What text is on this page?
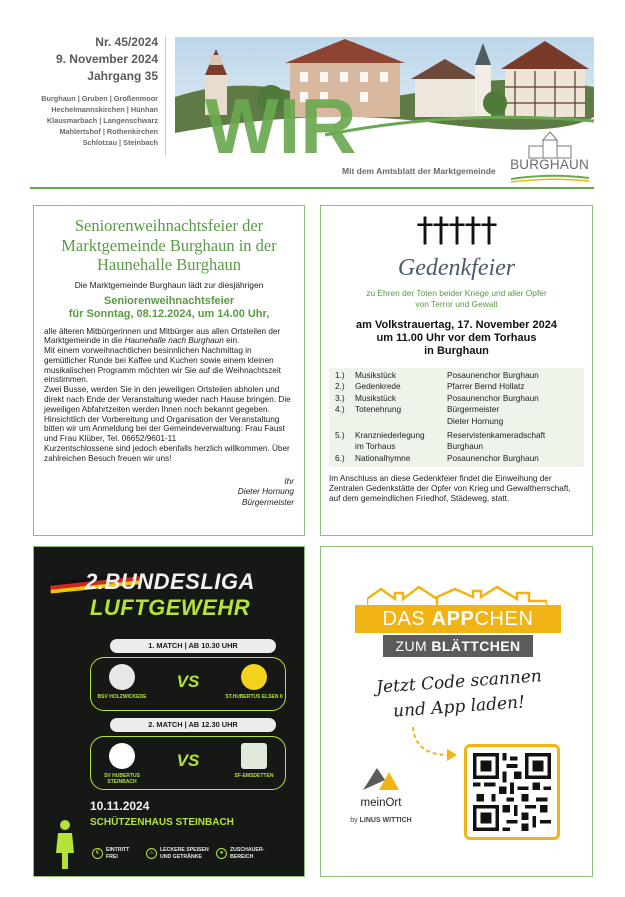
Nr. 45/2024
9. November 2024
Jahrgang 35
Burghaun | Gruben | Großenmoor
Hechelmannskirchen | Hünhan
Klausmarbach | Langenschwarz
Mahlertshof | Rothenkirchen
Schlotzau | Steinbach WIR
Mit dem Amtsblatt der Marktgemeinde BURGHAUN
Seniorenweihnachtsfeier der Marktgemeinde Burghaun in der Haunehalle Burghaun
Die Marktgemeinde Burghaun lädt zur diesjährigen
Seniorenweihnachtsfeier
für Sonntag, 08.12.2024, um 14.00 Uhr,

alle älteren Mitbürgerinnen und Mitbürger aus allen Ortsteilen der Marktgemeinde in die Haunehalle nach Burghaun ein.

Mit einem vorweihnachtlichen besinnlichen Nachmittag in gemütlicher Runde bei Kaffee und Kuchen sowie einem kleinen musikalischen Programm möchten wir Sie auf die Weihnachtszeit einstimmen.

Zwei Busse, werden Sie in den jeweiligen Ortsteilen abholen und direkt nach Ende der Veranstaltung wieder nach Hause bringen. Die jeweiligen Abfahrtzeiten werden Ihnen noch bekannt gegeben.

Hinsichtlich der Vorbereitung und Organisation der Veranstaltung bitten wir um Anmeldung bei der Gemeindeverwaltung: Frau Faust und Frau Klüber, Tel. 06652/9601-11

Kurzentschlossene sind jedoch ebenfalls herzlich willkommen. Über zahlreichen Besuch freuen wir uns!

Ihr
Dieter Hornung
Bürgermeister
†††††
Gedenkfeier
zu Ehren der Toten beider Kriege und aller Opfer
von Terror und Gewalt
am Volkstrauertag, 17. November 2024
um 11.00 Uhr vor dem Torhaus
in Burghaun
1.)	Musikstück	Posaunenchor Burghaun
2.)	Gedenkrede	Pfarrer Bernd Hollatz
3.)	Musikstück	Posaunenchor Burghaun
4.)	Totenehrung	Bürgermeister
Dieter Hornung
5.)	Kranzniederlegung	Reservistenkameradschaft
im Torhaus	Burghaun
6.)	Nationalhymne	Posaunenchor Burghaun
Im Anschluss an diese Gedenkfeier findet die Einweihung der Zentralen Gedenkstätte der Opfer von Krieg und Gewaltherrschaft, auf dem gemeindlichen Friedhof, Städeweg, statt.
2.BUNDESLIGA
LUFTGEWEHR
1. MATCH | AB 10.30 UHR
BSV HOLZWICKEDE
VS
ST.HUBERTUS ELSEN II
2. MATCH | AB 12.30 UHR
SV HUBERTUS STEINBACH
VS
SF-EMSDETTEN
10.11.2024
SCHÜTZENHAUS STEINBACH
€	EINTRITT FREI
♨	LECKERE SPEISEN UND GETRÄNKE
●	ZUSCHAUER-BEREICH
DAS APPCHEN
ZUM BLÄTTCHEN
Jetzt Code scannen
und App laden!
meinOrt
by LINUS WITTICH
